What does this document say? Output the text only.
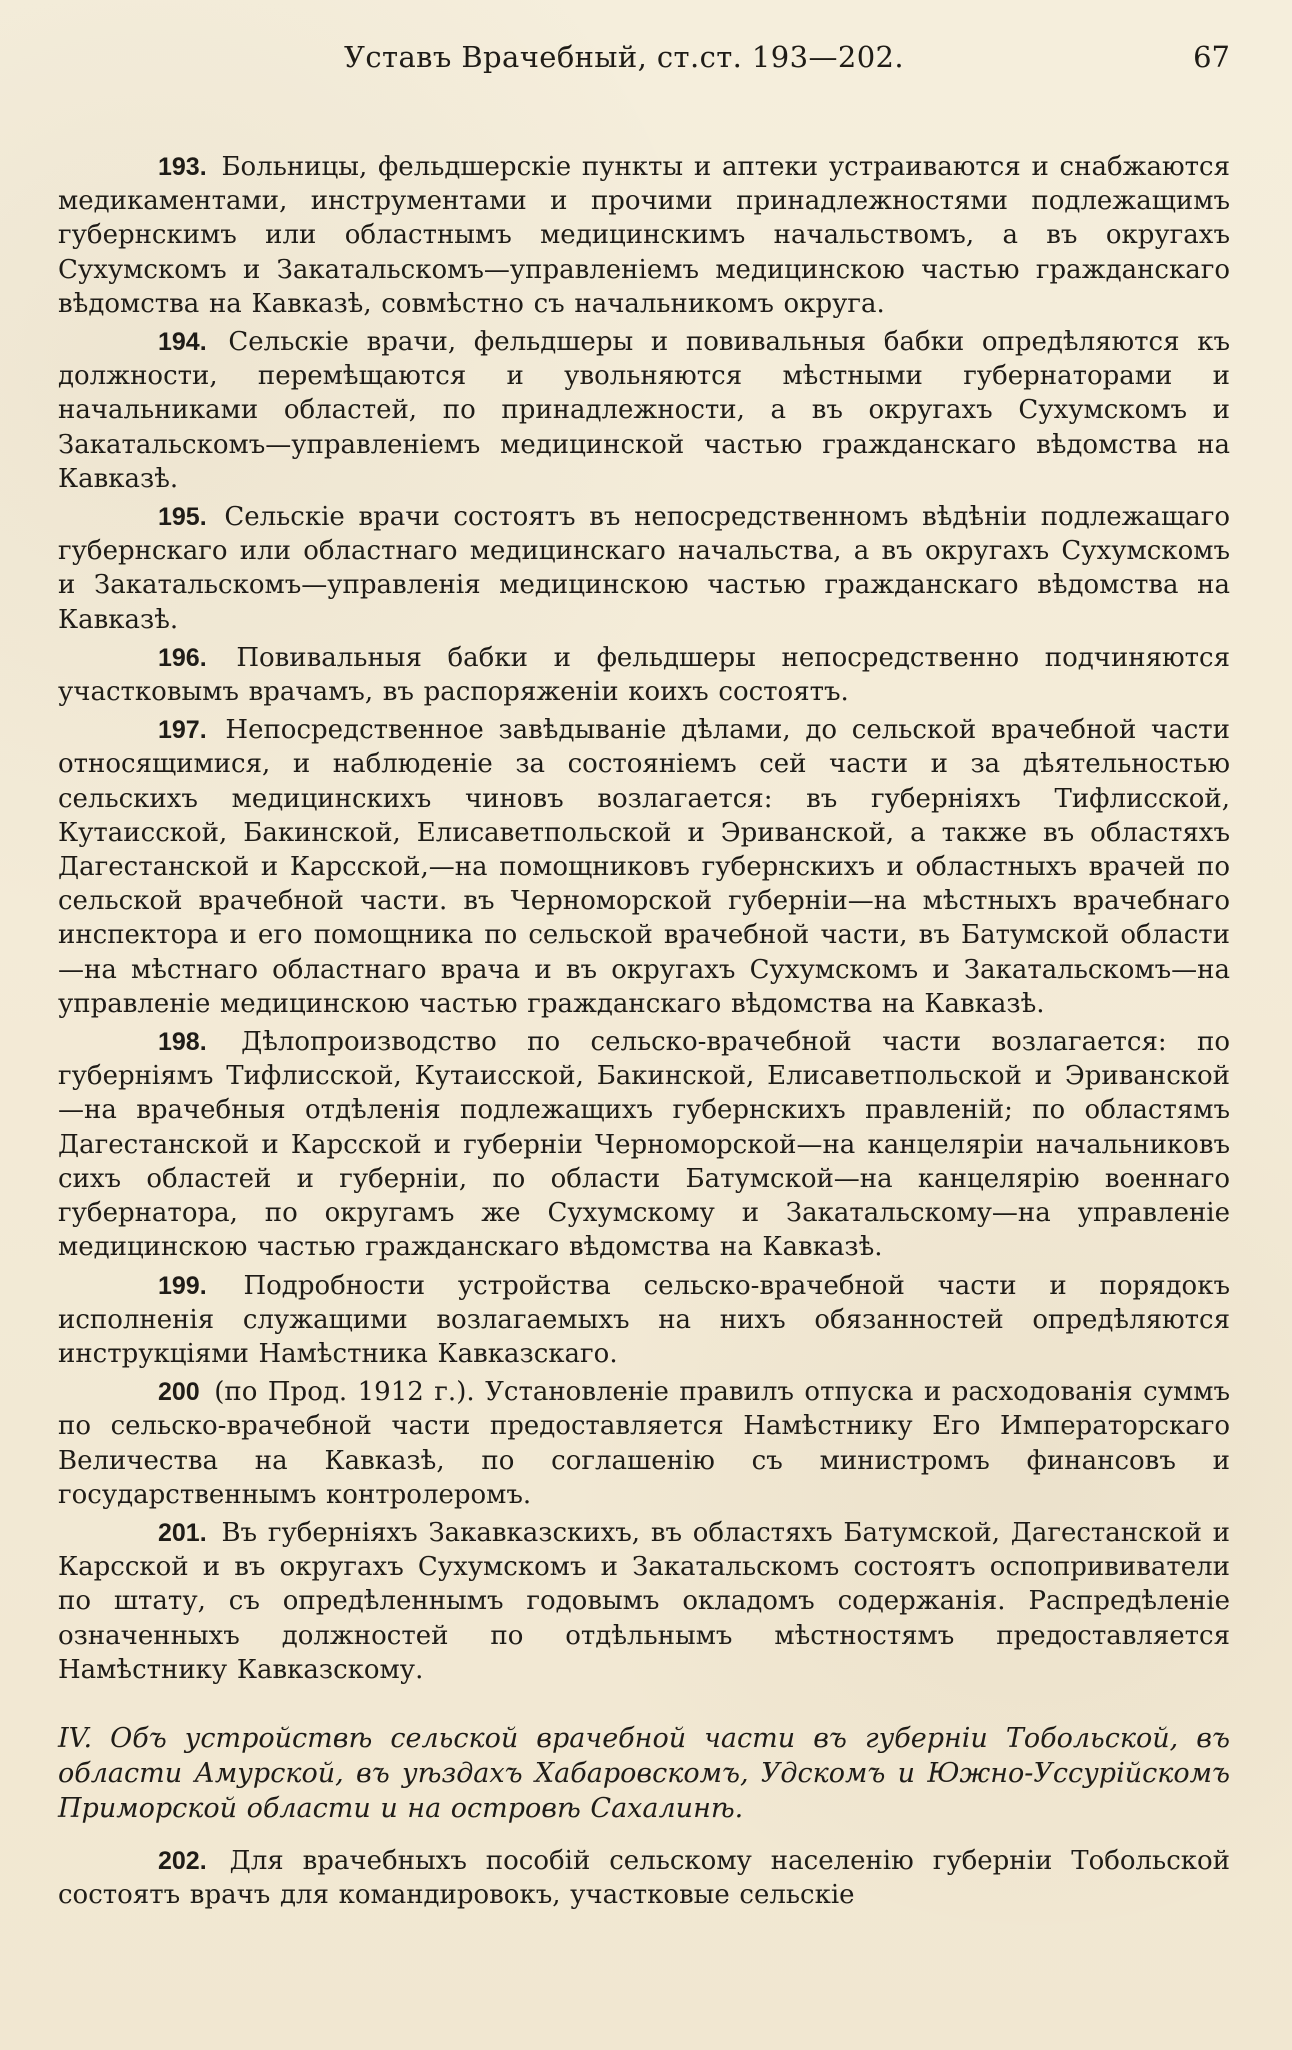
Уставъ Врачебный, ст.ст. 193—202.	67

193. Больницы, фельдшерскіе пункты и аптеки устраиваются и снабжаются медикаментами, инструментами и прочими принадлежностями подлежащимъ губернскимъ или областнымъ медицинскимъ начальствомъ, а въ округахъ Сухумскомъ и Закатальскомъ—управленіемъ медицинскою частью гражданскаго вѣдомства на Кавказѣ, совмѣстно съ начальникомъ округа.

194. Сельскіе врачи, фельдшеры и повивальныя бабки опредѣляются къ должности, перемѣщаются и увольняются мѣстными губернаторами и начальниками областей, по принадлежности, а въ округахъ Сухумскомъ и Закатальскомъ—управленіемъ медицинской частью гражданскаго вѣдомства на Кавказѣ.

195. Сельскіе врачи состоятъ въ непосредственномъ вѣдѣніи подлежащаго губернскаго или областнаго медицинскаго начальства, а въ округахъ Сухумскомъ и Закатальскомъ—управленія медицинскою частью гражданскаго вѣдомства на Кавказѣ.

196. Повивальныя бабки и фельдшеры непосредственно подчиняются участковымъ врачамъ, въ распоряженіи коихъ состоятъ.

197. Непосредственное завѣдываніе дѣлами, до сельской врачебной части относящимися, и наблюденіе за состояніемъ сей части и за дѣятельностью сельскихъ медицинскихъ чиновъ возлагается: въ губерніяхъ Тифлисской, Кутаисской, Бакинской, Елисаветпольской и Эриванской, а также въ областяхъ Дагестанской и Карсской,—на помощниковъ губернскихъ и областныхъ врачей по сельской врачебной части. въ Черноморской губерніи—на мѣстныхъ врачебнаго инспектора и его помощника по сельской врачебной части, въ Батумской области—на мѣстнаго областнаго врача и въ округахъ Сухумскомъ и Закатальскомъ—на управленіе медицинскою частью гражданскаго вѣдомства на Кавказѣ.

198. Дѣлопроизводство по сельско-врачебной части возлагается: по губерніямъ Тифлисской, Кутаисской, Бакинской, Елисаветпольской и Эриванской—на врачебныя отдѣленія подлежащихъ губернскихъ правленій; по областямъ Дагестанской и Карсской и губерніи Черноморской—на канцеляріи начальниковъ сихъ областей и губерніи, по области Батумской—на канцелярію военнаго губернатора, по округамъ же Сухумскому и Закатальскому—на управленіе медицинскою частью гражданскаго вѣдомства на Кавказѣ.

199. Подробности устройства сельско-врачебной части и порядокъ исполненія служащими возлагаемыхъ на нихъ обязанностей опредѣляются инструкціями Намѣстника Кавказскаго.

200 (по Прод. 1912 г.). Установленіе правилъ отпуска и расходованія суммъ по сельско-врачебной части предоставляется Намѣстнику Его Императорскаго Величества на Кавказѣ, по соглашенію съ министромъ финансовъ и государственнымъ контролеромъ.

201. Въ губерніяхъ Закавказскихъ, въ областяхъ Батумской, Дагестанской и Карсской и въ округахъ Сухумскомъ и Закатальскомъ состоятъ оспопрививатели по штату, съ опредѣленнымъ годовымъ окладомъ содержанія. Распредѣленіе означенныхъ должностей по отдѣльнымъ мѣстностямъ предоставляется Намѣстнику Кавказскому.

IV. Объ устройствѣ сельской врачебной части въ губерніи Тобольской, въ области Амурской, въ уѣздахъ Хабаровскомъ, Удскомъ и Южно-Уссурійскомъ Приморской области и на островѣ Сахалинѣ.

202. Для врачебныхъ пособій сельскому населенію губерніи Тобольской состоятъ врачъ для командировокъ, участковые сельскіе
